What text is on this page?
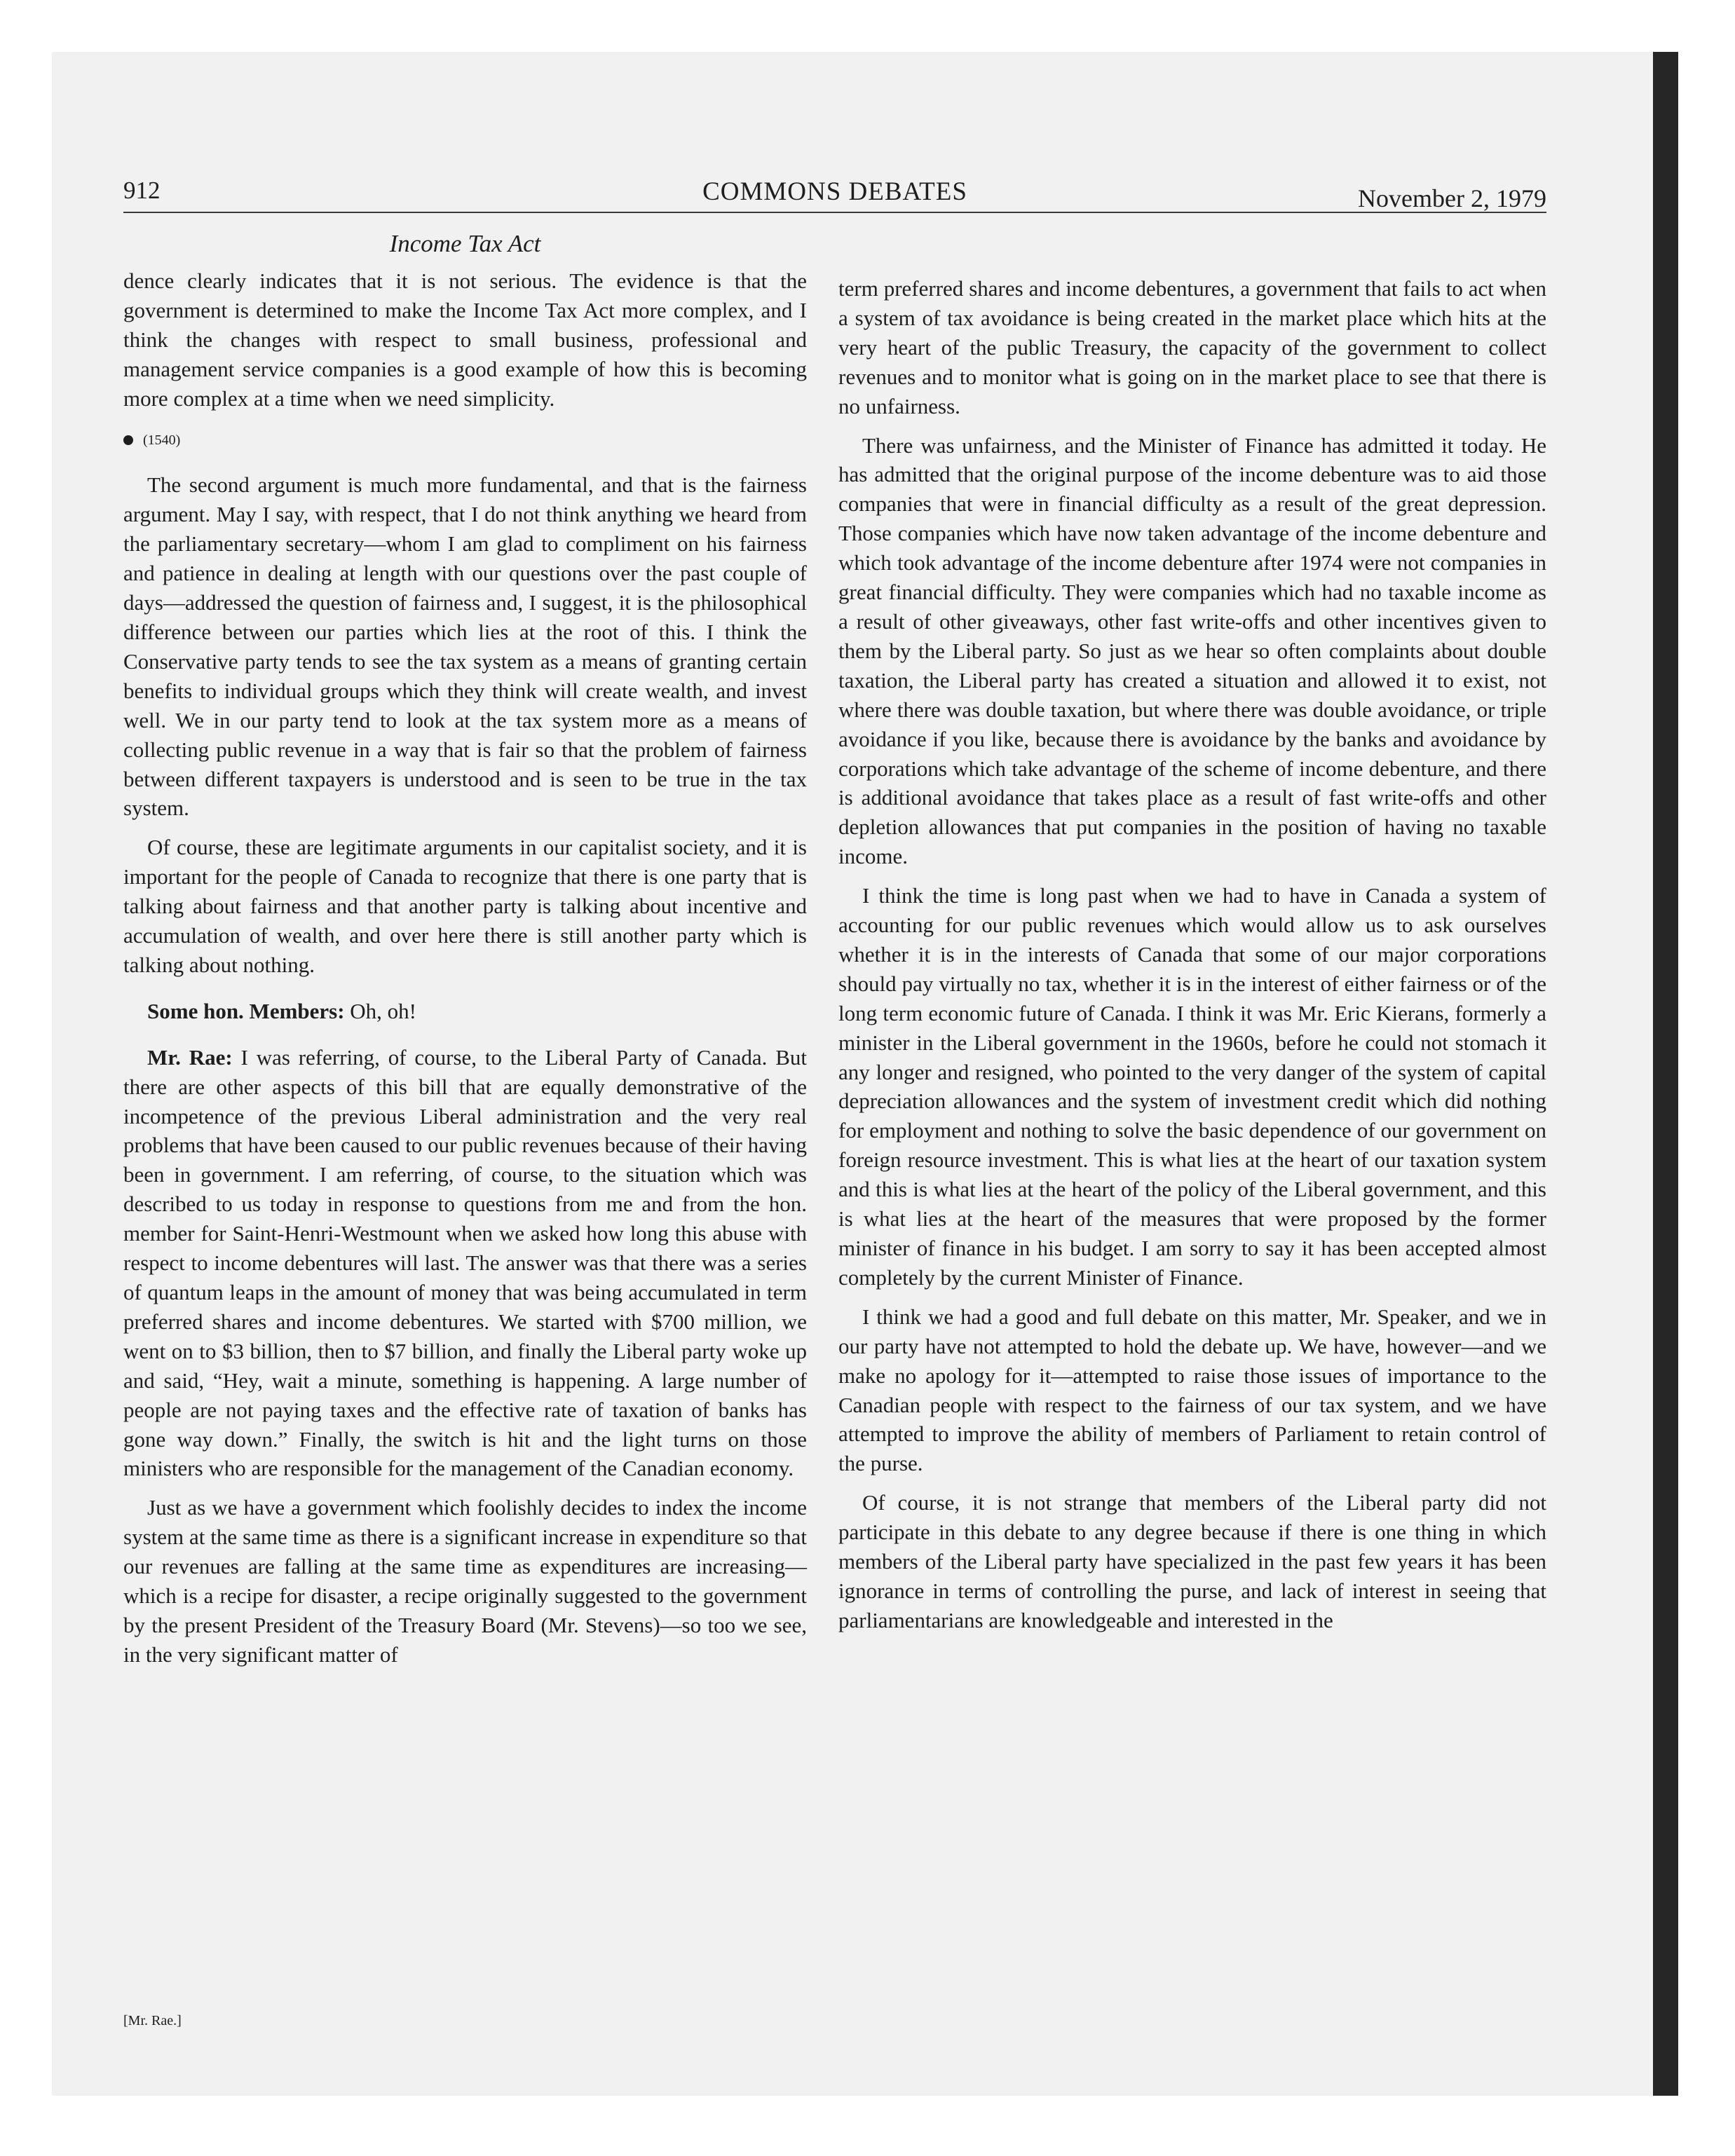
912	COMMONS DEBATES	November 2, 1979
Income Tax Act

dence clearly indicates that it is not serious. The evidence is that the government is determined to make the Income Tax Act more complex, and I think the changes with respect to small business, professional and management service companies is a good example of how this is becoming more complex at a time when we need simplicity.

(1540)

The second argument is much more fundamental, and that is the fairness argument. May I say, with respect, that I do not think anything we heard from the parliamentary secretary—whom I am glad to compliment on his fairness and patience in dealing at length with our questions over the past couple of days—addressed the question of fairness and, I suggest, it is the philosophical difference between our parties which lies at the root of this. I think the Conservative party tends to see the tax system as a means of granting certain benefits to individual groups which they think will create wealth, and invest well. We in our party tend to look at the tax system more as a means of collecting public revenue in a way that is fair so that the problem of fairness between different taxpayers is understood and is seen to be true in the tax system.

Of course, these are legitimate arguments in our capitalist society, and it is important for the people of Canada to recognize that there is one party that is talking about fairness and that another party is talking about incentive and accumulation of wealth, and over here there is still another party which is talking about nothing.

Some hon. Members: Oh, oh!

Mr. Rae: I was referring, of course, to the Liberal Party of Canada. But there are other aspects of this bill that are equally demonstrative of the incompetence of the previous Liberal administration and the very real problems that have been caused to our public revenues because of their having been in government. I am referring, of course, to the situation which was described to us today in response to questions from me and from the hon. member for Saint-Henri-Westmount when we asked how long this abuse with respect to income debentures will last. The answer was that there was a series of quantum leaps in the amount of money that was being accumulated in term preferred shares and income debentures. We started with $700 million, we went on to $3 billion, then to $7 billion, and finally the Liberal party woke up and said, “Hey, wait a minute, something is happening. A large number of people are not paying taxes and the effective rate of taxation of banks has gone way down.” Finally, the switch is hit and the light turns on those ministers who are responsible for the management of the Canadian economy.

Just as we have a government which foolishly decides to index the income system at the same time as there is a significant increase in expenditure so that our revenues are falling at the same time as expenditures are increasing—which is a recipe for disaster, a recipe originally suggested to the government by the present President of the Treasury Board (Mr. Stevens)—so too we see, in the very significant matter of

term preferred shares and income debentures, a government that fails to act when a system of tax avoidance is being created in the market place which hits at the very heart of the public Treasury, the capacity of the government to collect revenues and to monitor what is going on in the market place to see that there is no unfairness.

There was unfairness, and the Minister of Finance has admitted it today. He has admitted that the original purpose of the income debenture was to aid those companies that were in financial difficulty as a result of the great depression. Those companies which have now taken advantage of the income debenture and which took advantage of the income debenture after 1974 were not companies in great financial difficulty. They were companies which had no taxable income as a result of other giveaways, other fast write-offs and other incentives given to them by the Liberal party. So just as we hear so often complaints about double taxation, the Liberal party has created a situation and allowed it to exist, not where there was double taxation, but where there was double avoidance, or triple avoidance if you like, because there is avoidance by the banks and avoidance by corporations which take advantage of the scheme of income debenture, and there is additional avoidance that takes place as a result of fast write-offs and other depletion allowances that put companies in the position of having no taxable income.

I think the time is long past when we had to have in Canada a system of accounting for our public revenues which would allow us to ask ourselves whether it is in the interests of Canada that some of our major corporations should pay virtually no tax, whether it is in the interest of either fairness or of the long term economic future of Canada. I think it was Mr. Eric Kierans, formerly a minister in the Liberal government in the 1960s, before he could not stomach it any longer and resigned, who pointed to the very danger of the system of capital depreciation allowances and the system of investment credit which did nothing for employment and nothing to solve the basic dependence of our government on foreign resource investment. This is what lies at the heart of our taxation system and this is what lies at the heart of the policy of the Liberal government, and this is what lies at the heart of the measures that were proposed by the former minister of finance in his budget. I am sorry to say it has been accepted almost completely by the current Minister of Finance.

I think we had a good and full debate on this matter, Mr. Speaker, and we in our party have not attempted to hold the debate up. We have, however—and we make no apology for it—attempted to raise those issues of importance to the Canadian people with respect to the fairness of our tax system, and we have attempted to improve the ability of members of Parliament to retain control of the purse.

Of course, it is not strange that members of the Liberal party did not participate in this debate to any degree because if there is one thing in which members of the Liberal party have specialized in the past few years it has been ignorance in terms of controlling the purse, and lack of interest in seeing that parliamentarians are knowledgeable and interested in the

[Mr. Rae.]
